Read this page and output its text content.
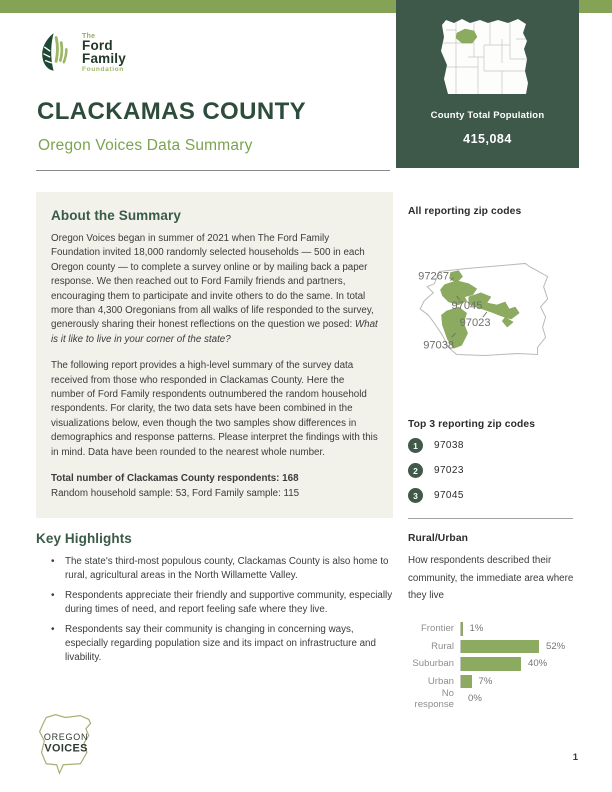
County Total Population
415,084
The
Ford
Family
Foundation
CLACKAMAS COUNTY
Oregon Voices Data Summary
About the Summary

Oregon Voices began in summer of 2021 when The Ford Family Foundation invited 18,000 randomly selected households — 500 in each Oregon county — to complete a survey online or by mailing back a paper response. We then reached out to Ford Family friends and partners, encouraging them to participate and invite others to do the same. In total more than 4,300 Oregonians from all walks of life responded to the survey, generously sharing their honest reflections on the question we posed: What is it like to live in your corner of the state?

The following report provides a high-level summary of the survey data received from those who responded in Clackamas County. Here the number of Ford Family respondents outnumbered the random household respondents. For clarity, the two data sets have been combined in the visualizations below, even though the two samples show differences in demographics and response patterns. Please interpret the findings with this in mind. Data have been rounded to the nearest whole number.

Total number of Clackamas County respondents: 168
Random household sample: 53, Ford Family sample: 115
Key Highlights
• The state's third-most populous county, Clackamas County is also home to rural, agricultural areas in the North Willamette Valley.
• Respondents appreciate their friendly and supportive community, especially during times of need, and report feeling safe where they live.
• Respondents say their community is changing in concerning ways, especially regarding population size and its impact on infrastructure and livability.
All reporting zip codes
97267
97045
97023
97038
Top 3 reporting zip codes
1	97038
2	97023
3	97045
Rural/Urban
How respondents described their community, the immediate area where they live
Frontier	1%
Rural	52%
Suburban	40%
Urban	7%
No response	0%
OREGON
VOICES
1
